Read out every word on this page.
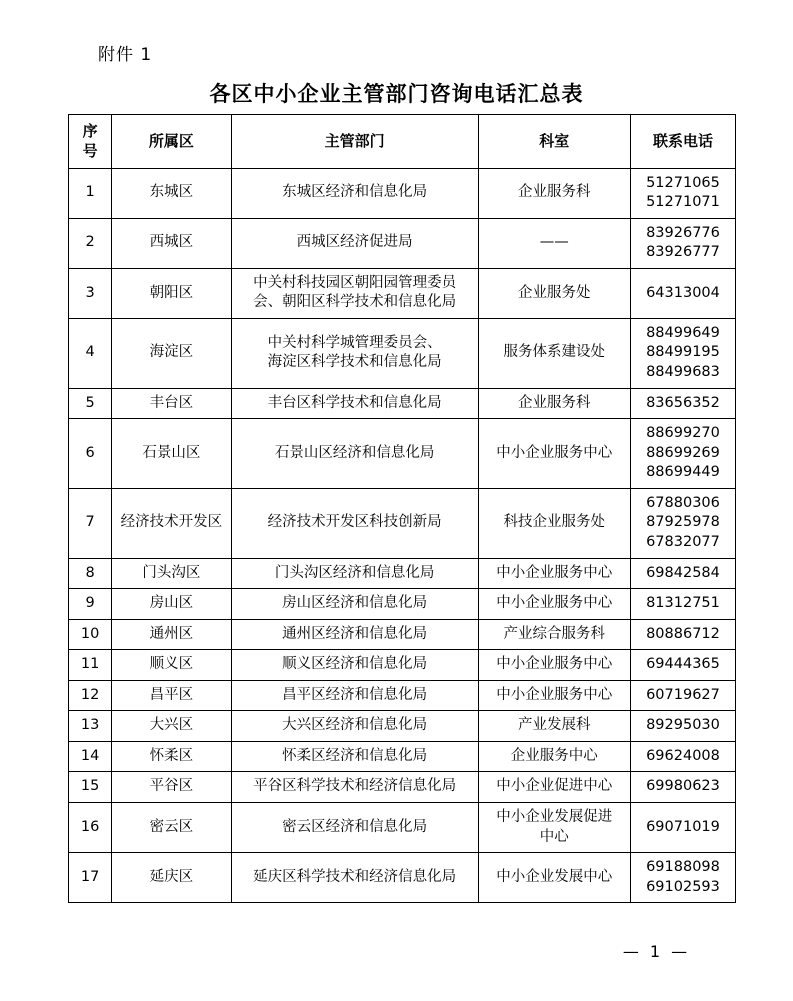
附件 1
各区中小企业主管部门咨询电话汇总表
序
号	所属区	主管部门	科室	联系电话
1	东城区	东城区经济和信息化局	企业服务科	51271065
51271071

2	西城区	西城区经济促进局	——	83926776
83926777

3	朝阳区	中关村科技园区朝阳园管理委员
会、朝阳区科学技术和信息化局	企业服务处	64313004

4	海淀区	中关村科学城管理委员会、
海淀区科学技术和信息化局	服务体系建设处	88499649
88499195
88499683

5	丰台区	丰台区科学技术和信息化局	企业服务科	83656352

6	石景山区	石景山区经济和信息化局	中小企业服务中心	88699270
88699269
88699449

7	经济技术开发区	经济技术开发区科技创新局	科技企业服务处	67880306
87925978
67832077

8	门头沟区	门头沟区经济和信息化局	中小企业服务中心	69842584

9	房山区	房山区经济和信息化局	中小企业服务中心	81312751

10	通州区	通州区经济和信息化局	产业综合服务科	80886712

11	顺义区	顺义区经济和信息化局	中小企业服务中心	69444365

12	昌平区	昌平区经济和信息化局	中小企业服务中心	60719627

13	大兴区	大兴区经济和信息化局	产业发展科	89295030

14	怀柔区	怀柔区经济和信息化局	企业服务中心	69624008

15	平谷区	平谷区科学技术和经济信息化局	中小企业促进中心	69980623

16	密云区	密云区经济和信息化局	中小企业发展促进
中心	69071019

17	延庆区	延庆区科学技术和经济信息化局	中小企业发展中心	69188098
69102593
— 1 —
